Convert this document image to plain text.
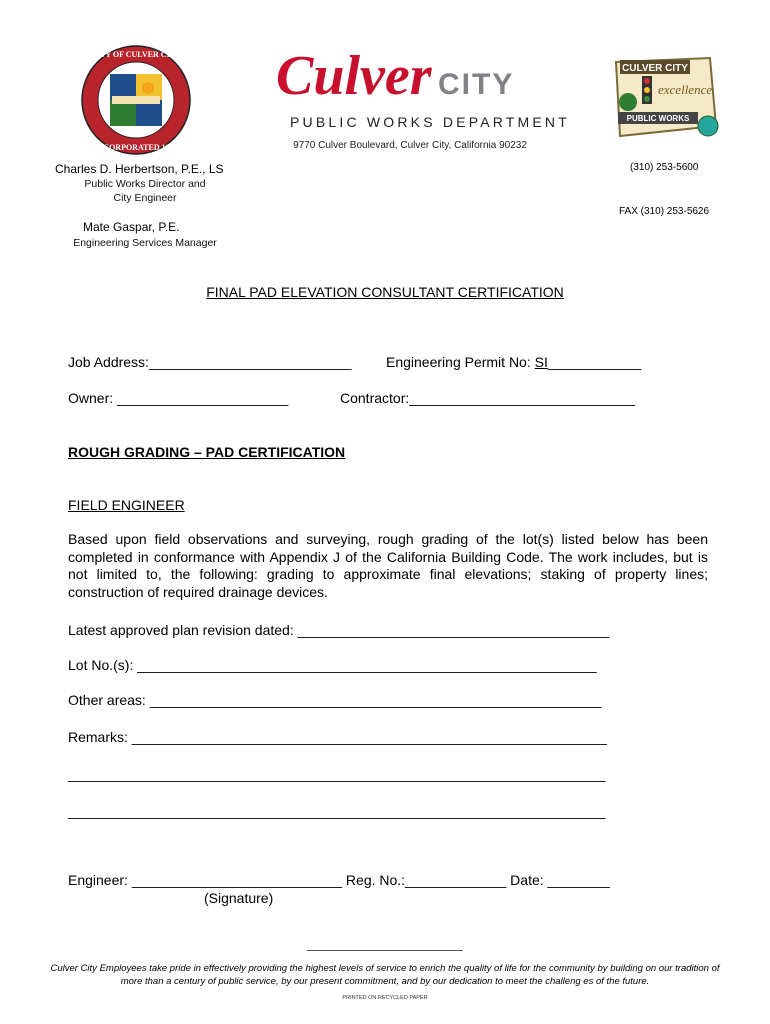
CITY OF CULVER CITY
INCORPORATED 1917
Culver CITY
PUBLIC WORKS DEPARTMENT
9770 Culver Boulevard, Culver City, California 90232
CULVER CITY
excellence
PUBLIC WORKS
Charles D. Herbertson, P.E., LS
Public Works Director and
City Engineer
Mate Gaspar, P.E.
Engineering Services Manager
(310) 253-5600
FAX (310) 253-5626
FINAL PAD ELEVATION CONSULTANT CERTIFICATION
Job Address:__________________________ Engineering Permit No: SI____________
Owner: ______________________	Contractor:_____________________________
ROUGH GRADING – PAD CERTIFICATION
FIELD ENGINEER
Based upon field observations and surveying, rough grading of the lot(s) listed below has been completed in conformance with Appendix J of the California Building Code. The work includes, but is not limited to, the following: grading to approximate final elevations; staking of property lines; construction of required drainage devices.
Latest approved plan revision dated: ________________________________________
Lot No.(s): ___________________________________________________________
Other areas: __________________________________________________________
Remarks: _____________________________________________________________
_____________________________________________________________________
_____________________________________________________________________
Engineer: ___________________________ Reg. No.:_____________ Date: ________
(Signature)
Culver City Employees take pride in effectively providing the highest levels of service to enrich the quality of life for the community by building on our tradition of more than a century of public service, by our present commitment, and by our dedication to meet the challeng es of the future.
PRINTED ON RECYCLED PAPER
